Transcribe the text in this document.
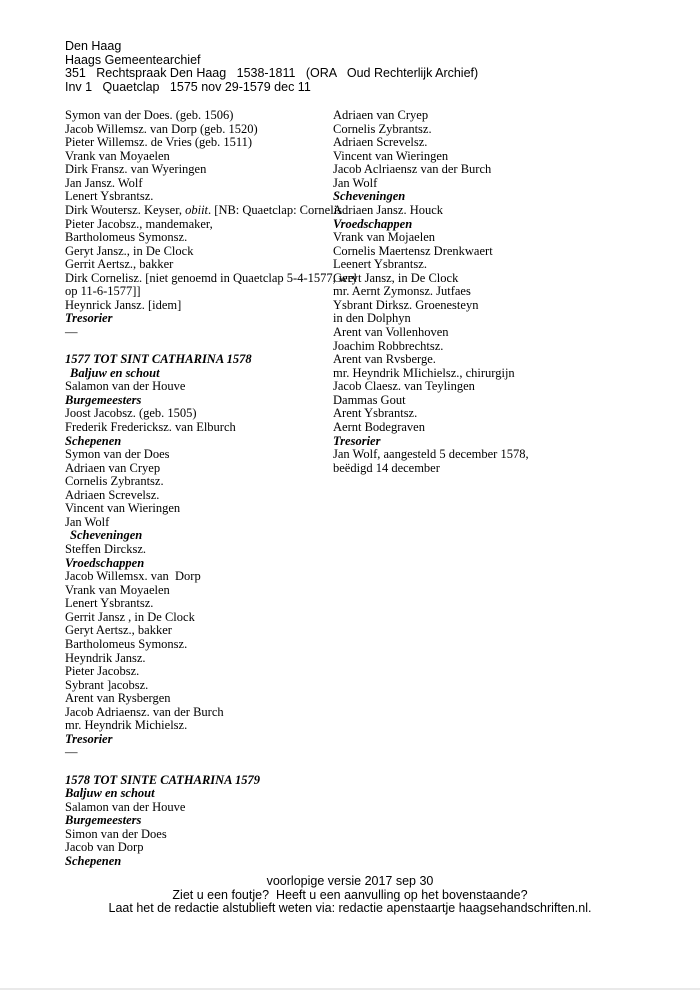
Den Haag
Haags Gemeentearchief
351   Rechtspraak Den Haag   1538-1811   (ORA   Oud Rechterlijk Archief)
Inv 1   Quaetclap   1575 nov 29-1579 dec 11
Symon van der Does. (geb. 1506)
Jacob Willemsz. van Dorp (geb. 1520)
Pieter Willemsz. de Vries (geb. 1511)
Vrank van Moyaelen
Dirk Fransz. van Wyeringen
Jan Jansz. Wolf
Lenert Ysbrantsz.
Dirk Woutersz. Keyser, obiit. [NB: Quaetclap: Cornelis
Pieter Jacobsz., mandemaker,
Bartholomeus Symonsz.
Geryt Jansz., in De Clock
Gerrit Aertsz., bakker
Dirk Cornelisz. [niet genoemd in Quaetclap 5-4-1577, wel
op 11-6-1577]]
Heynrick Jansz. [idem]
Tresorier
—
1577 TOT SINT CATHARINA 1578
Baljuw en schout
Salamon van der Houve
Burgemeesters
Joost Jacobsz. (geb. 1505)
Frederik Fredericksz. van Elburch
Schepenen
Symon van der Does
Adriaen van Cryep
Cornelis Zybrantsz.
Adriaen Screvelsz.
Vincent van Wieringen
Jan Wolf
Scheveningen
Steffen Dircksz.
Vroedschappen
Jacob Willemsx. van  Dorp
Vrank van Moyaelen
Lenert Ysbrantsz.
Gerrit Jansz , in De Clock
Geryt Aertsz., bakker
Bartholomeus Symonsz.
Heyndrik Jansz.
Pieter Jacobsz.
Sybrant ]acobsz.
Arent van Rysbergen
Jacob Adriaensz. van der Burch
mr. Heyndrik Michielsz.
Tresorier
—
1578 TOT SINTE CATHARINA 1579
Baljuw en schout
Salamon van der Houve
Burgemeesters
Simon van der Does
Jacob van Dorp
Schepenen
Adriaen van Cryep
Cornelis Zybrantsz.
Adriaen Screvelsz.
Vincent van Wieringen
Jacob Aclriaensz van der Burch
Jan Wolf
Scheveningen
Adriaen Jansz. Houck
Vroedschappen
Vrank van Mojaelen
Cornelis Maertensz Drenkwaert
Leenert Ysbrantsz.
Geryt Jansz, in De Clock
mr. Aernt Zymonsz. Jutfaes
Ysbrant Dirksz. Groenesteyn
in den Dolphyn
Arent van Vollenhoven
Joachim Robbrechtsz.
Arent van Rvsberge.
mr. Heyndrik MIichielsz., chirurgijn
Jacob Claesz. van Teylingen
Dammas Gout
Arent Ysbrantsz.
Aernt Bodegraven
Tresorier
Jan Wolf, aangesteld 5 december 1578,
beëdigd 14 december
voorlopige versie 2017 sep 30
Ziet u een foutje?  Heeft u een aanvulling op het bovenstaande?
Laat het de redactie alstublieft weten via: redactie apenstaartje haagsehandschriften.nl.
